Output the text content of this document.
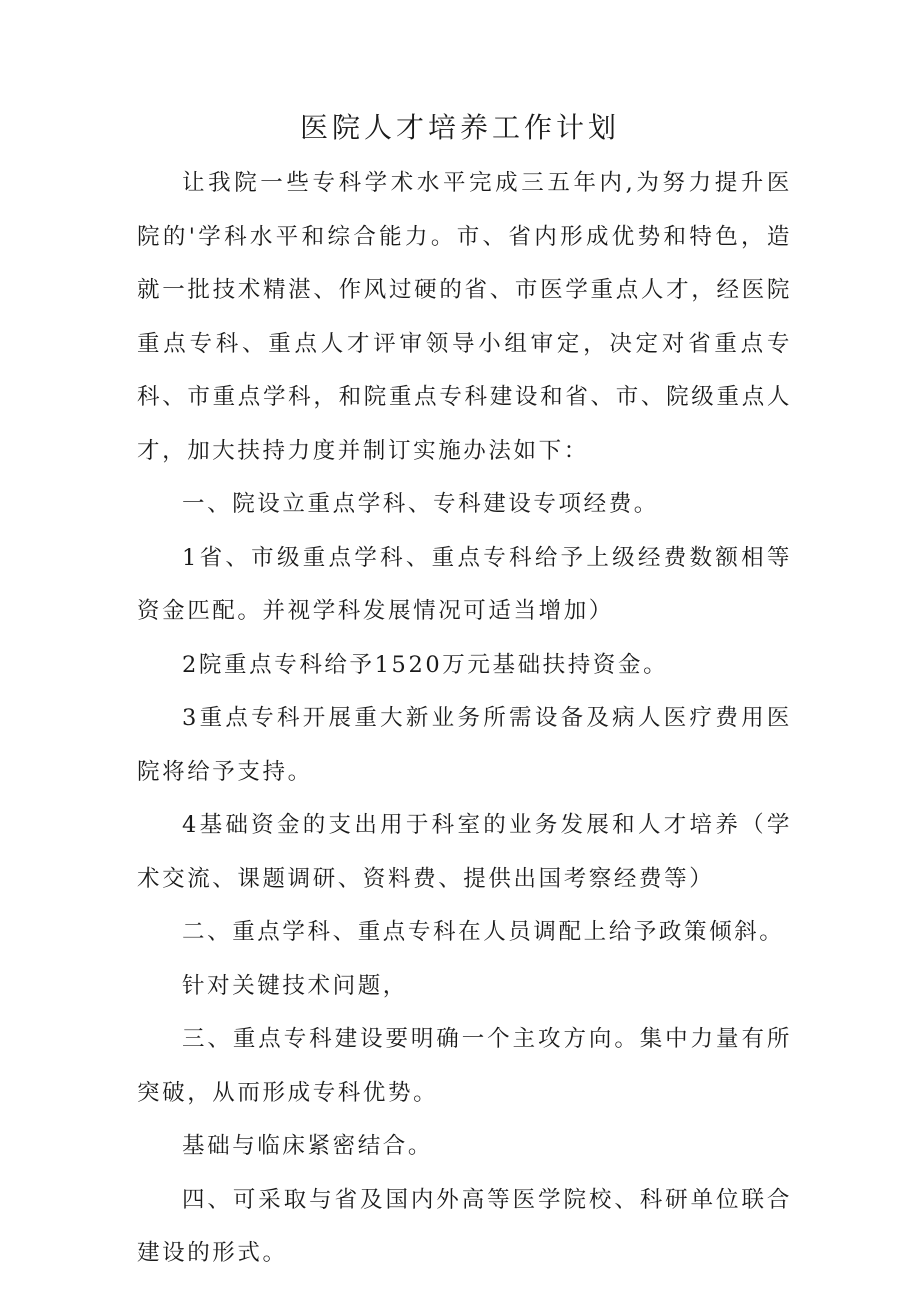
医院人才培养工作计划

让我院一些专科学术水平完成三五年内,为努力提升医院的'学科水平和综合能力。市、省内形成优势和特色，造就一批技术精湛、作风过硬的省、市医学重点人才，经医院重点专科、重点人才评审领导小组审定，决定对省重点专科、市重点学科，和院重点专科建设和省、市、院级重点人才，加大扶持力度并制订实施办法如下：

一、院设立重点学科、专科建设专项经费。

1省、市级重点学科、重点专科给予上级经费数额相等资金匹配。并视学科发展情况可适当增加）

2院重点专科给予1520万元基础扶持资金。

3重点专科开展重大新业务所需设备及病人医疗费用医院将给予支持。

4基础资金的支出用于科室的业务发展和人才培养（学术交流、课题调研、资料费、提供出国考察经费等）

二、重点学科、重点专科在人员调配上给予政策倾斜。

针对关键技术问题，

三、重点专科建设要明确一个主攻方向。集中力量有所突破，从而形成专科优势。

基础与临床紧密结合。

四、可采取与省及国内外高等医学院校、科研单位联合建设的形式。
